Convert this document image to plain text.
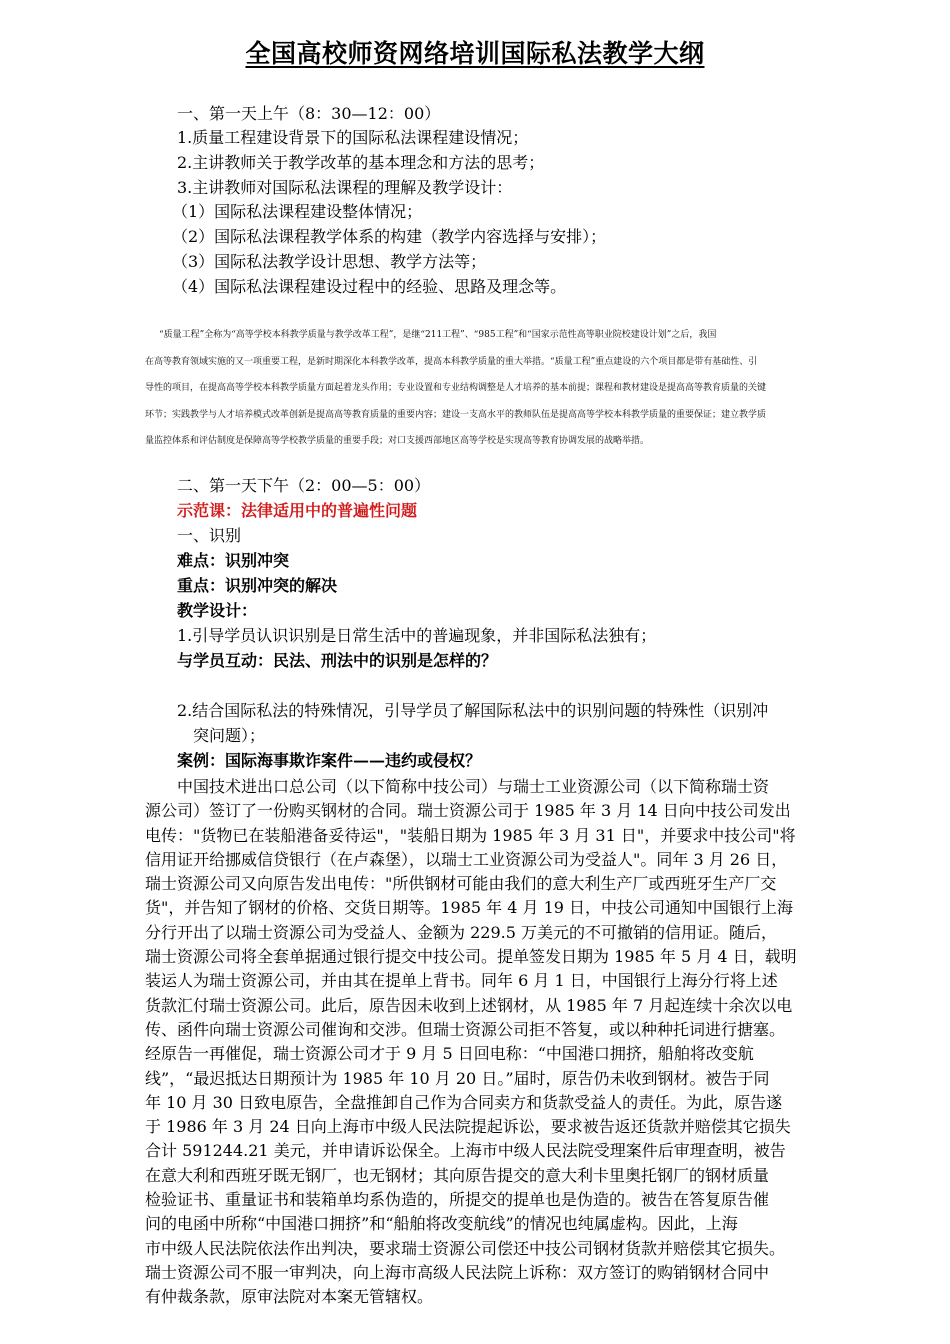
全国高校师资网络培训国际私法教学大纲
一、第一天上午（8：30—12：00）
1.质量工程建设背景下的国际私法课程建设情况；
2.主讲教师关于教学改革的基本理念和方法的思考；
3.主讲教师对国际私法课程的理解及教学设计：
（1）国际私法课程建设整体情况；
（2）国际私法课程教学体系的构建（教学内容选择与安排）；
（3）国际私法教学设计思想、教学方法等；
（4）国际私法课程建设过程中的经验、思路及理念等。

“质量工程”全称为“高等学校本科教学质量与教学改革工程”，是继“211工程”、“985工程”和“国家示范性高等职业院校建设计划”之后，我国

在高等教育领域实施的又一项重要工程，是新时期深化本科教学改革，提高本科教学质量的重大举措。“质量工程”重点建设的六个项目都是带有基础性、引

导性的项目，在提高高等学校本科教学质量方面起着龙头作用；专业设置和专业结构调整是人才培养的基本前提；课程和教材建设是提高高等教育质量的关键

环节；实践教学与人才培养模式改革创新是提高高等教育质量的重要内容；建设一支高水平的教师队伍是提高高等学校本科教学质量的重要保证；建立教学质

量监控体系和评估制度是保障高等学校教学质量的重要手段；对口支援西部地区高等学校是实现高等教育协调发展的战略举措。

二、第一天下午（2：00—5：00）
示范课：法律适用中的普遍性问题
一、识别
难点：识别冲突
重点：识别冲突的解决
教学设计：
1.引导学员认识识别是日常生活中的普遍现象，并非国际私法独有；
与学员互动：民法、刑法中的识别是怎样的？
2.结合国际私法的特殊情况，引导学员了解国际私法中的识别问题的特殊性（识别冲
突问题）；
案例：国际海事欺诈案件——违约或侵权？

　　中国技术进出口总公司（以下简称中技公司）与瑞士工业资源公司（以下简称瑞士资

源公司）签订了一份购买钢材的合同。瑞士资源公司于 1985 年 3 月 14 日向中技公司发出

电传："货物已在装船港备妥待运"，"装船日期为 1985 年 3 月 31 日"，并要求中技公司"将

信用证开给挪威信贷银行（在卢森堡），以瑞士工业资源公司为受益人"。同年 3 月 26 日，

瑞士资源公司又向原告发出电传："所供钢材可能由我们的意大利生产厂或西班牙生产厂交

货"，并告知了钢材的价格、交货日期等。1985 年 4 月 19 日，中技公司通知中国银行上海

分行开出了以瑞士资源公司为受益人、金额为 229.5 万美元的不可撤销的信用证。随后，

瑞士资源公司将全套单据通过银行提交中技公司。提单签发日期为 1985 年 5 月 4 日，载明

装运人为瑞士资源公司，并由其在提单上背书。同年 6 月 1 日，中国银行上海分行将上述

货款汇付瑞士资源公司。此后，原告因未收到上述钢材，从 1985 年 7 月起连续十余次以电

传、函件向瑞士资源公司催询和交涉。但瑞士资源公司拒不答复，或以种种托词进行搪塞。

经原告一再催促，瑞士资源公司才于 9 月 5 日回电称：“中国港口拥挤，船舶将改变航

线”，“最迟抵达日期预计为 1985 年 10 月 20 日。”届时，原告仍未收到钢材。被告于同

年 10 月 30 日致电原告，全盘推卸自己作为合同卖方和货款受益人的责任。为此，原告遂

于 1986 年 3 月 24 日向上海市中级人民法院提起诉讼，要求被告返还货款并赔偿其它损失

合计 591244.21 美元，并申请诉讼保全。上海市中级人民法院受理案件后审理查明，被告

在意大利和西班牙既无钢厂，也无钢材；其向原告提交的意大利卡里奥托钢厂的钢材质量

检验证书、重量证书和装箱单均系伪造的，所提交的提单也是伪造的。被告在答复原告催

问的电函中所称“中国港口拥挤”和“船舶将改变航线”的情况也纯属虚构。因此，上海

市中级人民法院依法作出判决，要求瑞士资源公司偿还中技公司钢材货款并赔偿其它损失。

瑞士资源公司不服一审判决，向上海市高级人民法院上诉称：双方签订的购销钢材合同中

有仲裁条款，原审法院对本案无管辖权。
